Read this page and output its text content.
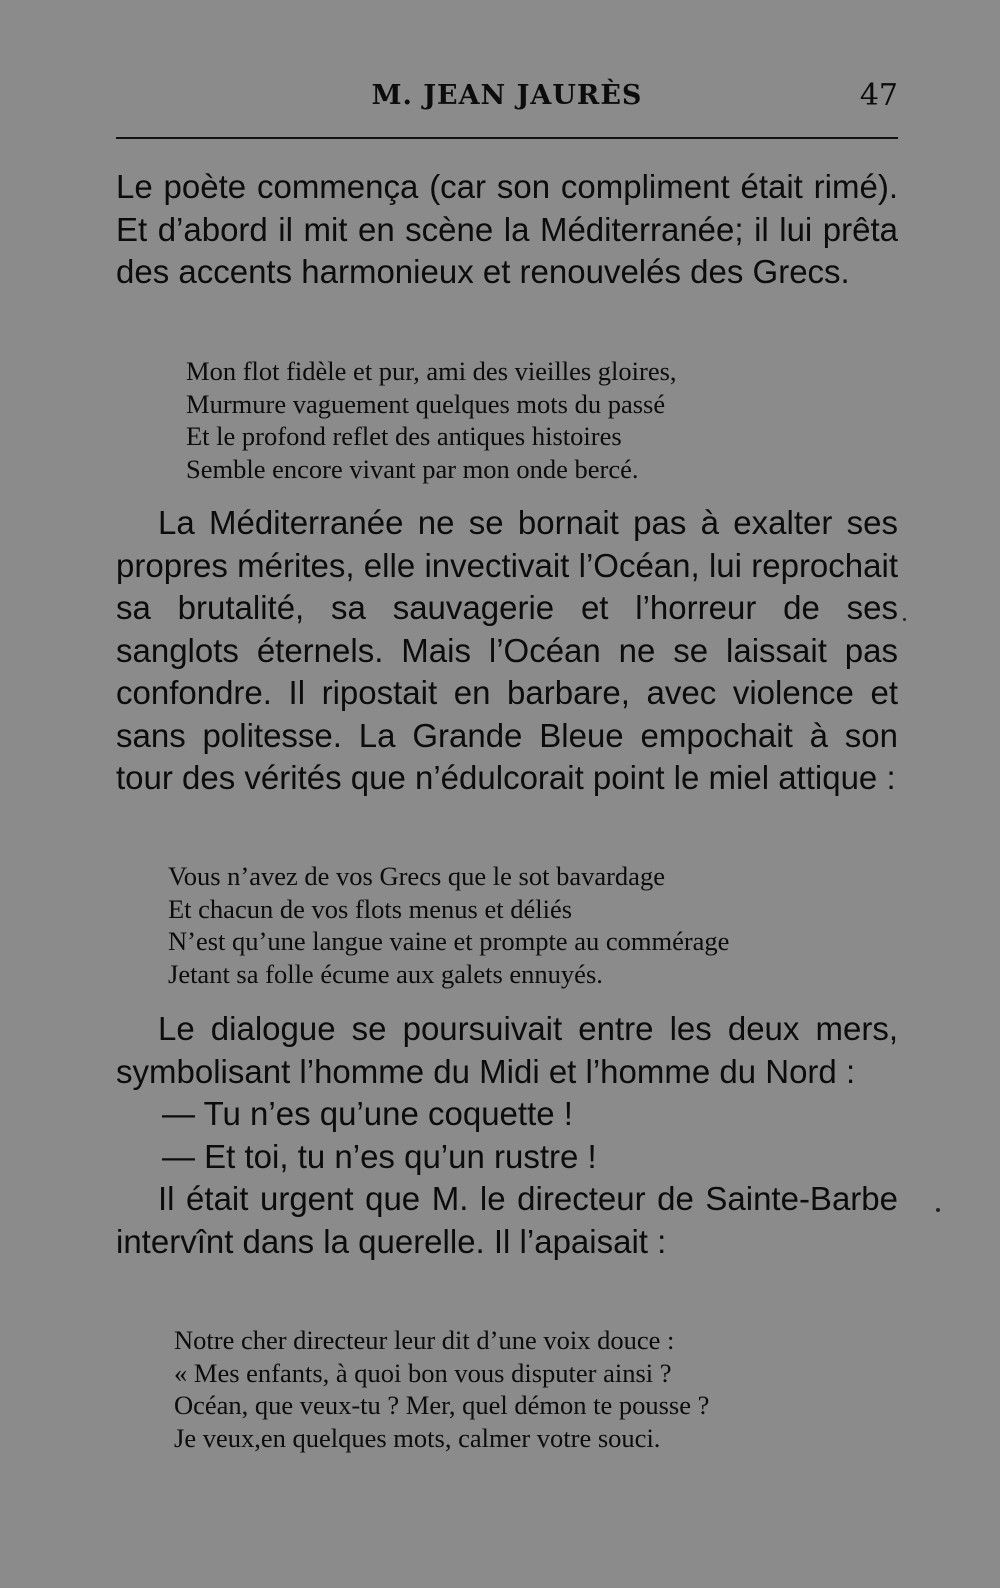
M. JEAN JAURÈS	47

Le poète commença (car son compliment était rimé). Et d’abord il mit en scène la Méditerranée; il lui prêta des accents harmonieux et renouvelés des Grecs.

Mon flot fidèle et pur, ami des vieilles gloires,
Murmure vaguement quelques mots du passé
Et le profond reflet des antiques histoires
Semble encore vivant par mon onde bercé.

La Méditerranée ne se bornait pas à exalter ses propres mérites, elle invectivait l’Océan, lui reprochait sa brutalité, sa sauvagerie et l’horreur de ses sanglots éternels. Mais l’Océan ne se laissait pas confondre. Il ripostait en barbare, avec violence et sans politesse. La Grande Bleue empochait à son tour des vérités que n’édulcorait point le miel attique :

Vous n’avez de vos Grecs que le sot bavardage
Et chacun de vos flots menus et déliés
N’est qu’une langue vaine et prompte au commérage
Jetant sa folle écume aux galets ennuyés.

Le dialogue se poursuivait entre les deux mers, symbolisant l’homme du Midi et l’homme du Nord :

— Tu n’es qu’une coquette !

— Et toi, tu n’es qu’un rustre !

Il était urgent que M. le directeur de Sainte-Barbe intervînt dans la querelle. Il l’apaisait :

Notre cher directeur leur dit d’une voix douce :
« Mes enfants, à quoi bon vous disputer ainsi ?
Océan, que veux-tu ? Mer, quel démon te pousse ?
Je veux,en quelques mots, calmer votre souci.
